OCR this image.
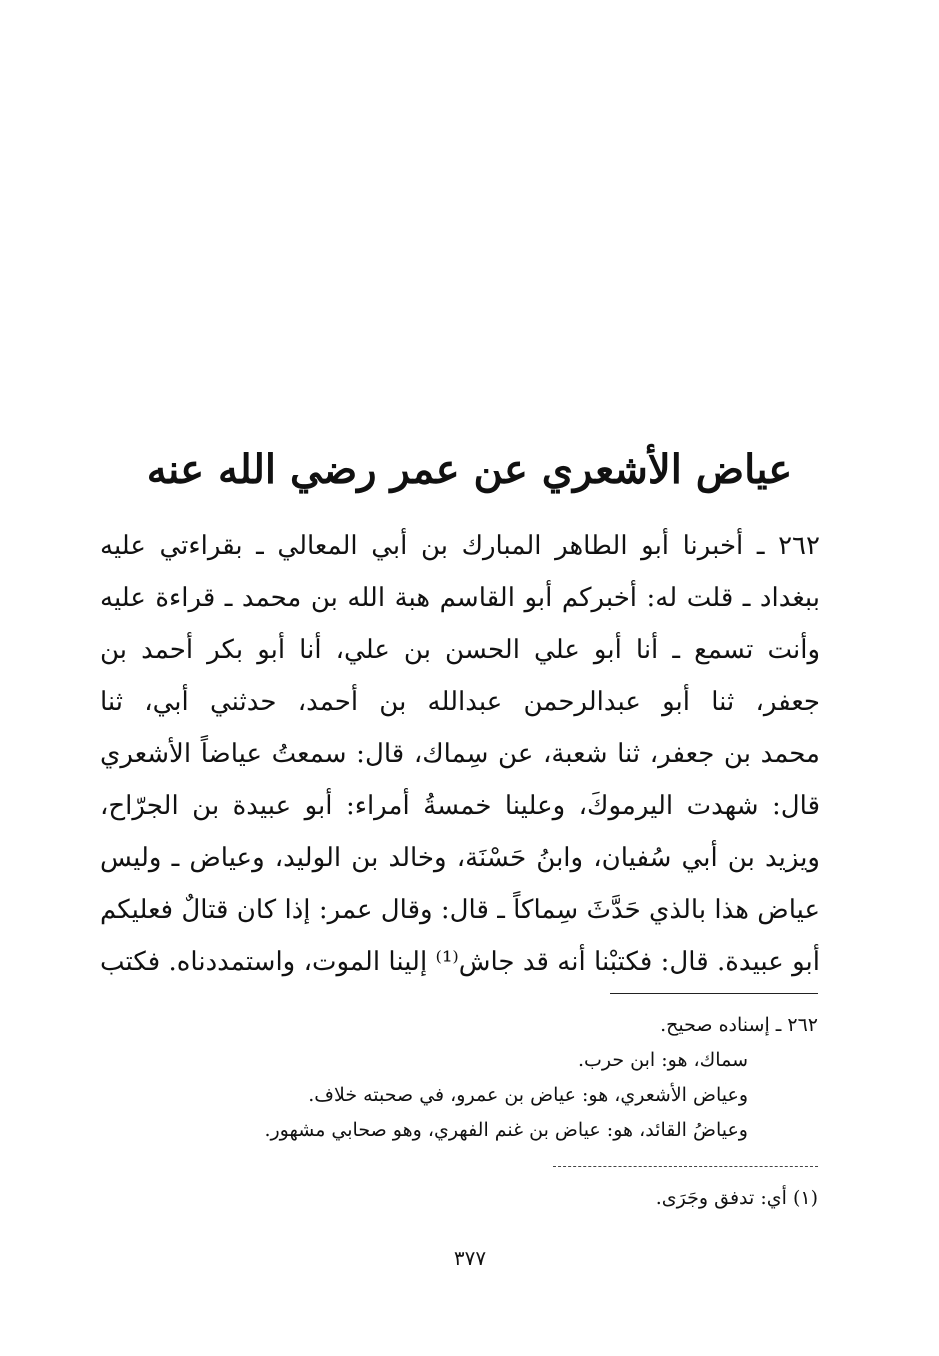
عياض الأشعري عن عمر رضي الله عنه
٢٦٢ ـ أخبرنا أبو الطاهر المبارك بن أبي المعالي ـ بقراءتي عليه
ببغداد ـ قلت له: أخبركم أبو القاسم هبة الله بن محمد ـ قراءة عليه
وأنت تسمع ـ أنا أبو علي الحسن بن علي، أنا أبو بكر أحمد بن
جعفر، ثنا أبو عبدالرحمن عبدالله بن أحمد، حدثني أبي، ثنا
محمد بن جعفر، ثنا شعبة، عن سِماك، قال: سمعتُ عياضاً الأشعري
قال: شهدت اليرموكَ، وعلينا خمسةُ أمراء: أبو عبيدة بن الجرّاح،
ويزيد بن أبي سُفيان، وابنُ حَسْنَة، وخالد بن الوليد، وعياض ـ وليس
عياض هذا بالذي حَدَّثَ سِماكاً ـ قال: وقال عمر: إذا كان قتالٌ فعليكم
أبو عبيدة. قال: فكتبْنا أنه قد جاش⁽¹⁾ إلينا الموت، واستمددناه. فكتب
٢٦٢ ـ إسناده صحيح.
سماك، هو: ابن حرب.
وعياض الأشعري، هو: عياض بن عمرو، في صحبته خلاف.
وعياضُ القائد، هو: عياض بن غنم الفهري، وهو صحابي مشهور.
(١) أي: تدفق وجَرَى.
٣٧٧
